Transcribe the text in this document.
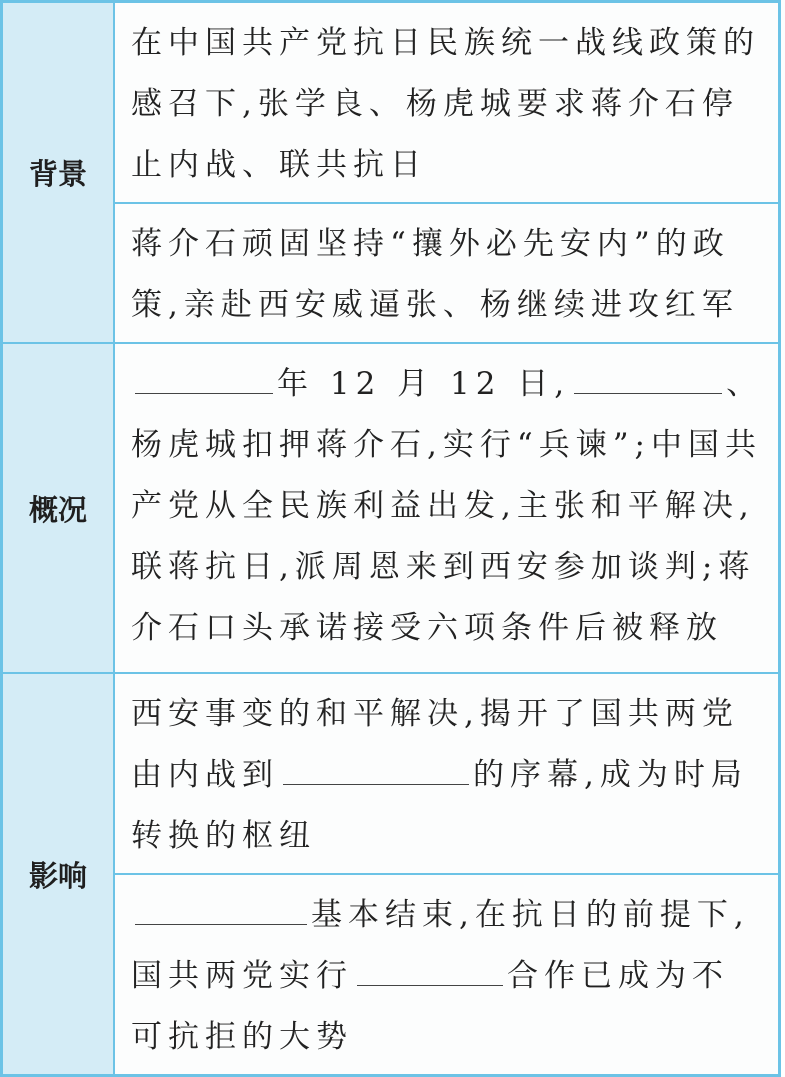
背景	在中国共产党抗日民族统一战线政策的感召下,张学良、杨虎城要求蒋介石停止内战、联共抗日
	蒋介石顽固坚持“攘外必先安内”的政策,亲赴西安威逼张、杨继续进攻红军
概况	年 12 月 12 日, 、杨虎城扣押蒋介石,实行“兵谏”;中国共产党从全民族利益出发,主张和平解决,联蒋抗日,派周恩来到西安参加谈判;蒋介石口头承诺接受六项条件后被释放
影响	西安事变的和平解决,揭开了国共两党由内战到 的序幕,成为时局转换的枢纽
	基本结束,在抗日的前提下,国共两党实行 合作已成为不可抗拒的大势
